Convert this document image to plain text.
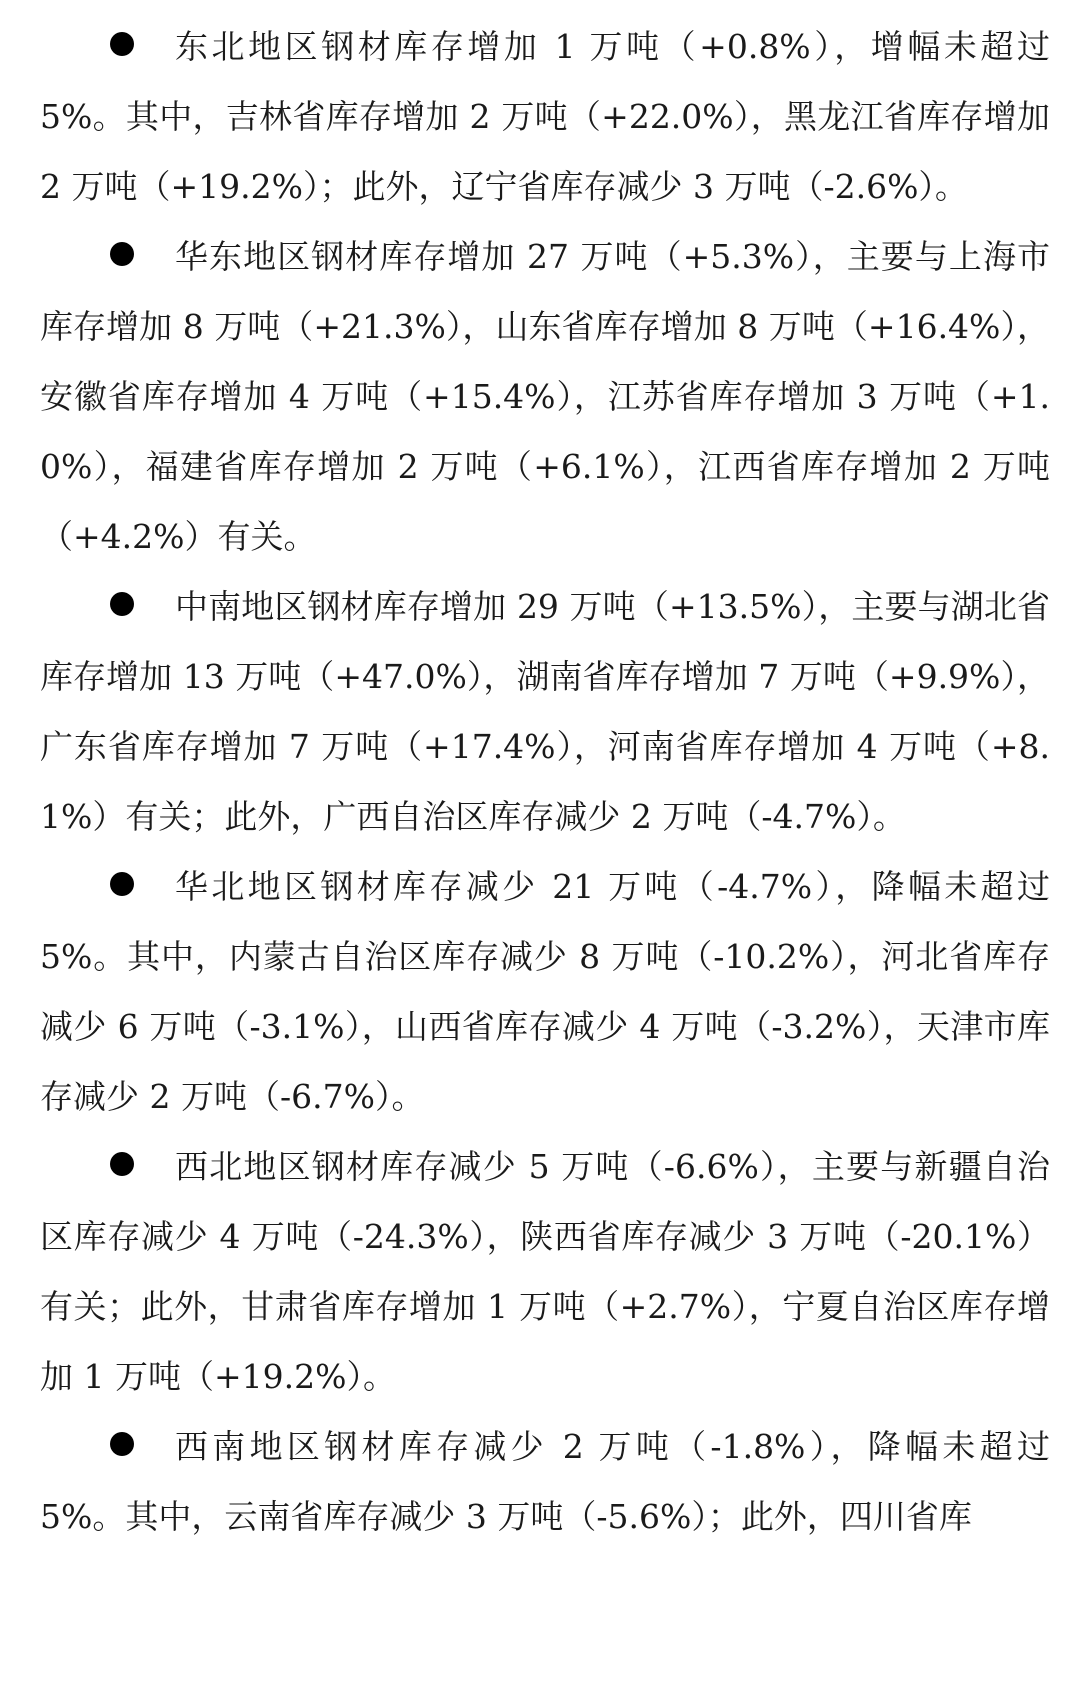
东北地区钢材库存增加 1 万吨（+0.8%），增幅未超过 5%。其中，吉林省库存增加 2 万吨（+22.0%），黑龙江省库存增加 2 万吨（+19.2%）；此外，辽宁省库存减少 3 万吨（-2.6%）。

华东地区钢材库存增加 27 万吨（+5.3%），主要与上海市库存增加 8 万吨（+21.3%），山东省库存增加 8 万吨（+16.4%），安徽省库存增加 4 万吨（+15.4%），江苏省库存增加 3 万吨（+1.0%），福建省库存增加 2 万吨（+6.1%），江西省库存增加 2 万吨（+4.2%）有关。

中南地区钢材库存增加 29 万吨（+13.5%），主要与湖北省库存增加 13 万吨（+47.0%），湖南省库存增加 7 万吨（+9.9%），广东省库存增加 7 万吨（+17.4%），河南省库存增加 4 万吨（+8.1%）有关；此外，广西自治区库存减少 2 万吨（-4.7%）。

华北地区钢材库存减少 21 万吨（-4.7%），降幅未超过 5%。其中，内蒙古自治区库存减少 8 万吨（-10.2%），河北省库存减少 6 万吨（-3.1%），山西省库存减少 4 万吨（-3.2%），天津市库存减少 2 万吨（-6.7%）。

西北地区钢材库存减少 5 万吨（-6.6%），主要与新疆自治区库存减少 4 万吨（-24.3%），陕西省库存减少 3 万吨（-20.1%）有关；此外，甘肃省库存增加 1 万吨（+2.7%），宁夏自治区库存增加 1 万吨（+19.2%）。

西南地区钢材库存减少 2 万吨（-1.8%），降幅未超过 5%。其中，云南省库存减少 3 万吨（-5.6%）；此外，四川省库
